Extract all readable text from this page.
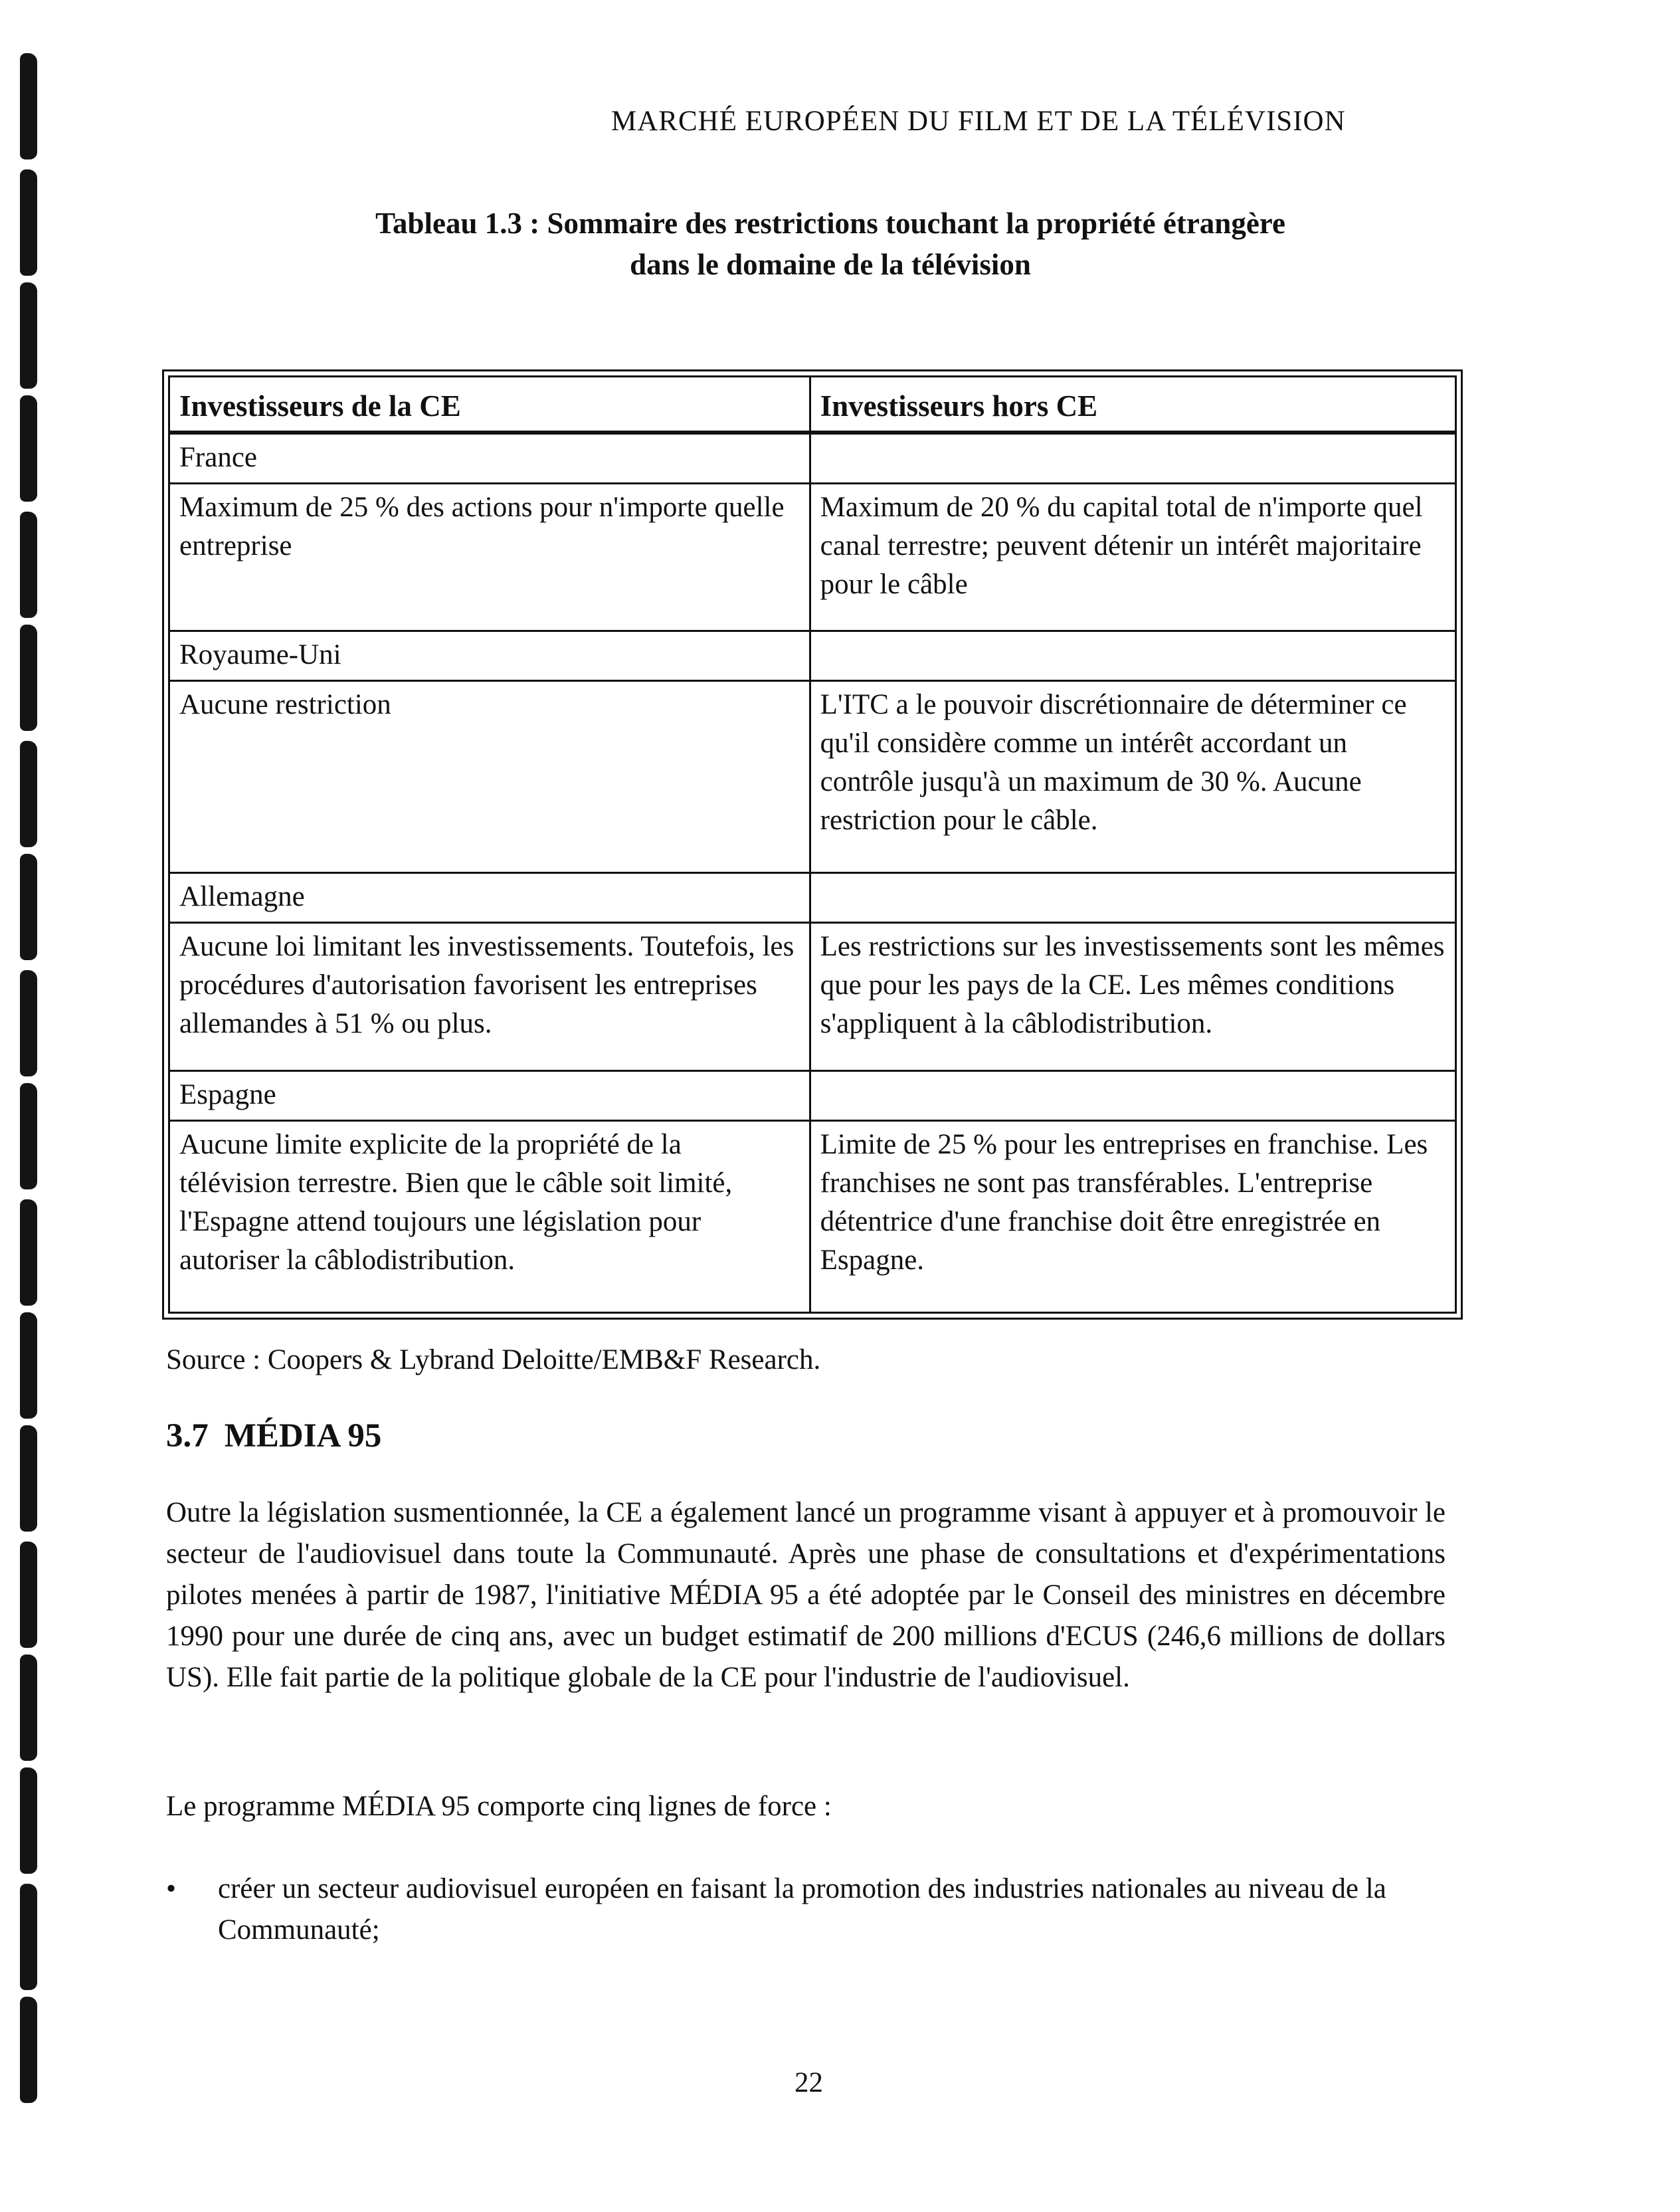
MARCHÉ EUROPÉEN DU FILM ET DE LA TÉLÉVISION
Tableau 1.3 : Sommaire des restrictions touchant la propriété étrangère
dans le domaine de la télévision
Investisseurs de la CE	Investisseurs hors CE
France	
Maximum de 25 % des actions pour n'importe quelle entreprise	Maximum de 20 % du capital total de n'importe quel canal terrestre; peuvent détenir un intérêt majoritaire pour le câble
Royaume-Uni	
Aucune restriction	L'ITC a le pouvoir discrétionnaire de déterminer ce qu'il considère comme un intérêt accordant un contrôle jusqu'à un maximum de 30 %. Aucune restriction pour le câble.
Allemagne	
Aucune loi limitant les investissements. Toutefois, les procédures d'autorisation favorisent les entreprises allemandes à 51 % ou plus.	Les restrictions sur les investissements sont les mêmes que pour les pays de la CE. Les mêmes conditions s'appliquent à la câblodistribution.
Espagne	
Aucune limite explicite de la propriété de la télévision terrestre. Bien que le câble soit limité, l'Espagne attend toujours une législation pour autoriser la câblodistribution.	Limite de 25 % pour les entreprises en franchise. Les franchises ne sont pas transférables. L'entreprise détentrice d'une franchise doit être enregistrée en Espagne.
Source : Coopers & Lybrand Deloitte/EMB&F Research.
3.7 MÉDIA 95
Outre la législation susmentionnée, la CE a également lancé un programme visant à appuyer et à promouvoir le secteur de l'audiovisuel dans toute la Communauté. Après une phase de consultations et d'expérimentations pilotes menées à partir de 1987, l'initiative MÉDIA 95 a été adoptée par le Conseil des ministres en décembre 1990 pour une durée de cinq ans, avec un budget estimatif de 200 millions d'ECUS (246,6 millions de dollars US). Elle fait partie de la politique globale de la CE pour l'industrie de l'audiovisuel.
Le programme MÉDIA 95 comporte cinq lignes de force :
•	créer un secteur audiovisuel européen en faisant la promotion des industries nationales au niveau de la Communauté;
22
